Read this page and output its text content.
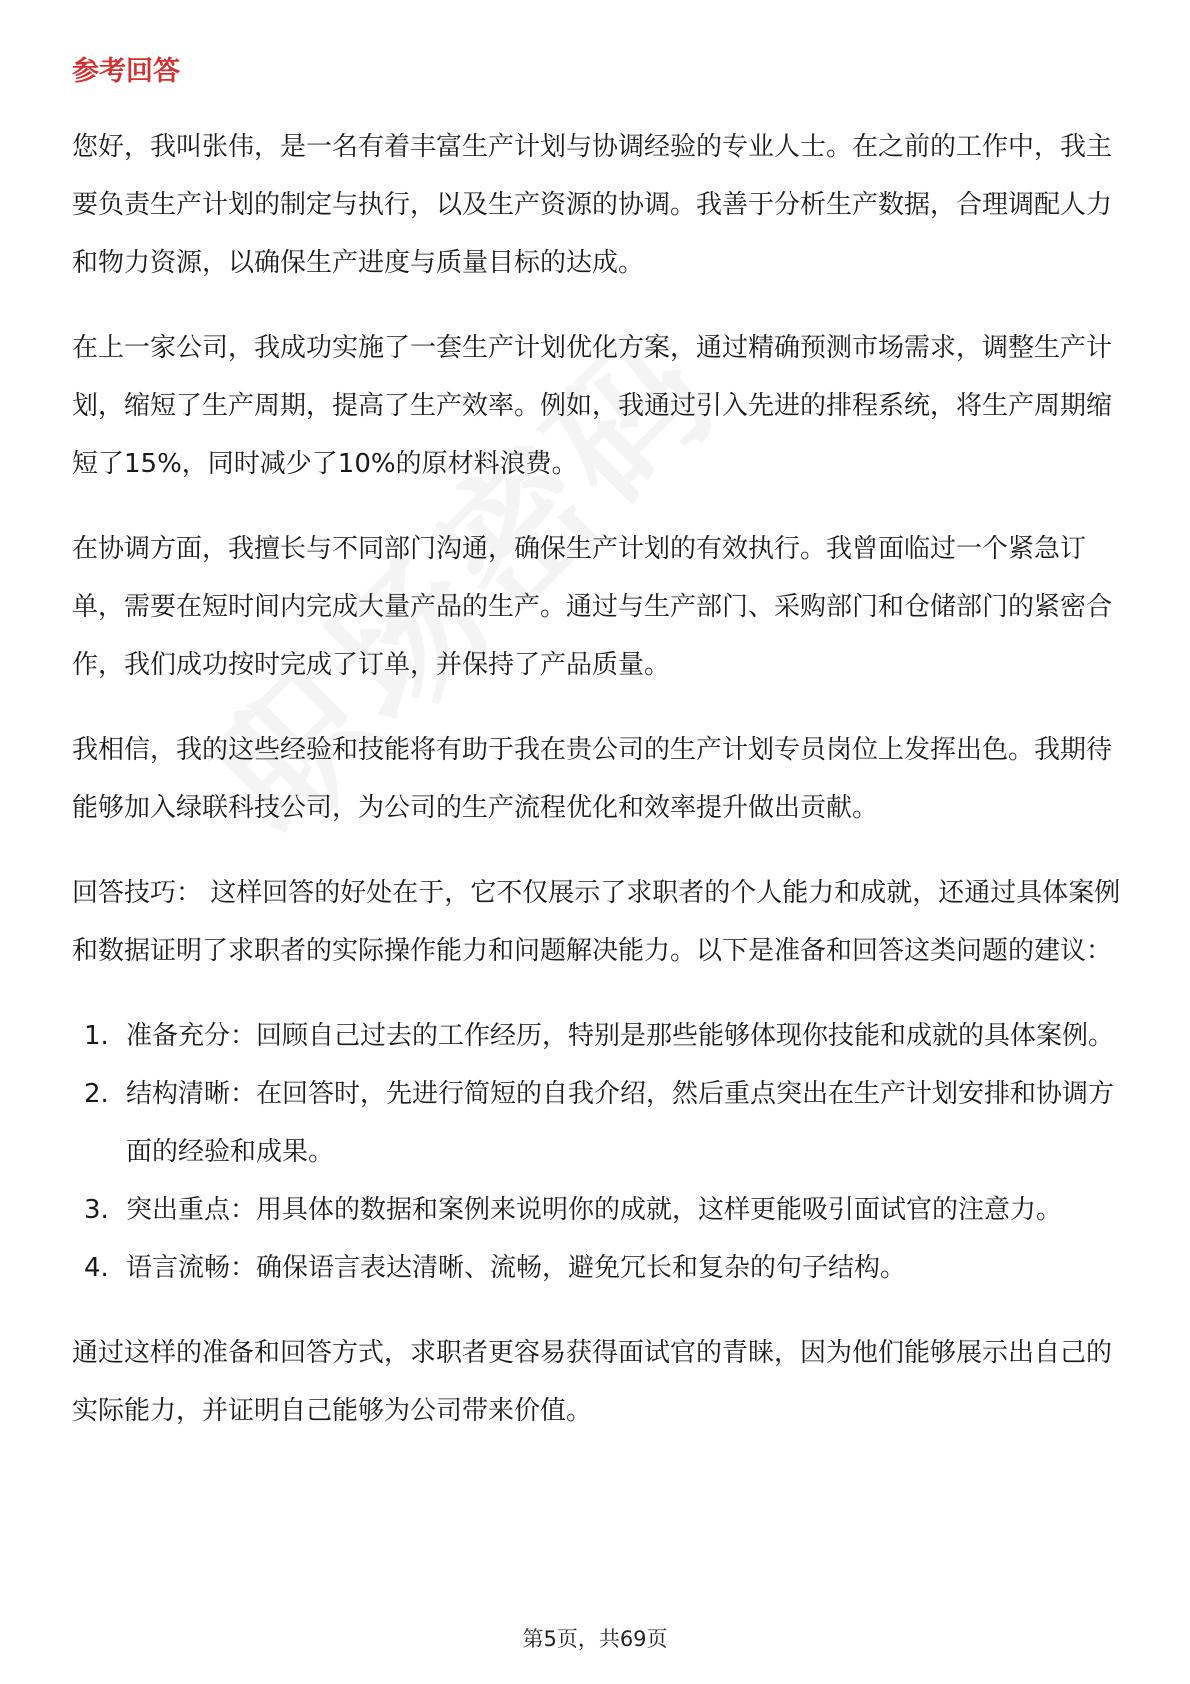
参考回答

您好，我叫张伟，是一名有着丰富生产计划与协调经验的专业人士。在之前的工作中，我主要负责生产计划的制定与执行，以及生产资源的协调。我善于分析生产数据，合理调配人力和物力资源，以确保生产进度与质量目标的达成。

在上一家公司，我成功实施了一套生产计划优化方案，通过精确预测市场需求，调整生产计划，缩短了生产周期，提高了生产效率。例如，我通过引入先进的排程系统，将生产周期缩短了15%，同时减少了10%的原材料浪费。

在协调方面，我擅长与不同部门沟通，确保生产计划的有效执行。我曾面临过一个紧急订单，需要在短时间内完成大量产品的生产。通过与生产部门、采购部门和仓储部门的紧密合作，我们成功按时完成了订单，并保持了产品质量。

我相信，我的这些经验和技能将有助于我在贵公司的生产计划专员岗位上发挥出色。我期待能够加入绿联科技公司，为公司的生产流程优化和效率提升做出贡献。

回答技巧： 这样回答的好处在于，它不仅展示了求职者的个人能力和成就，还通过具体案例和数据证明了求职者的实际操作能力和问题解决能力。以下是准备和回答这类问题的建议：

1. 准备充分：回顾自己过去的工作经历，特别是那些能够体现你技能和成就的具体案例。
2. 结构清晰：在回答时，先进行简短的自我介绍，然后重点突出在生产计划安排和协调方面的经验和成果。
3. 突出重点：用具体的数据和案例来说明你的成就，这样更能吸引面试官的注意力。
4. 语言流畅：确保语言表达清晰、流畅，避免冗长和复杂的句子结构。

通过这样的准备和回答方式，求职者更容易获得面试官的青睐，因为他们能够展示出自己的实际能力，并证明自己能够为公司带来价值。

第5页，共69页
